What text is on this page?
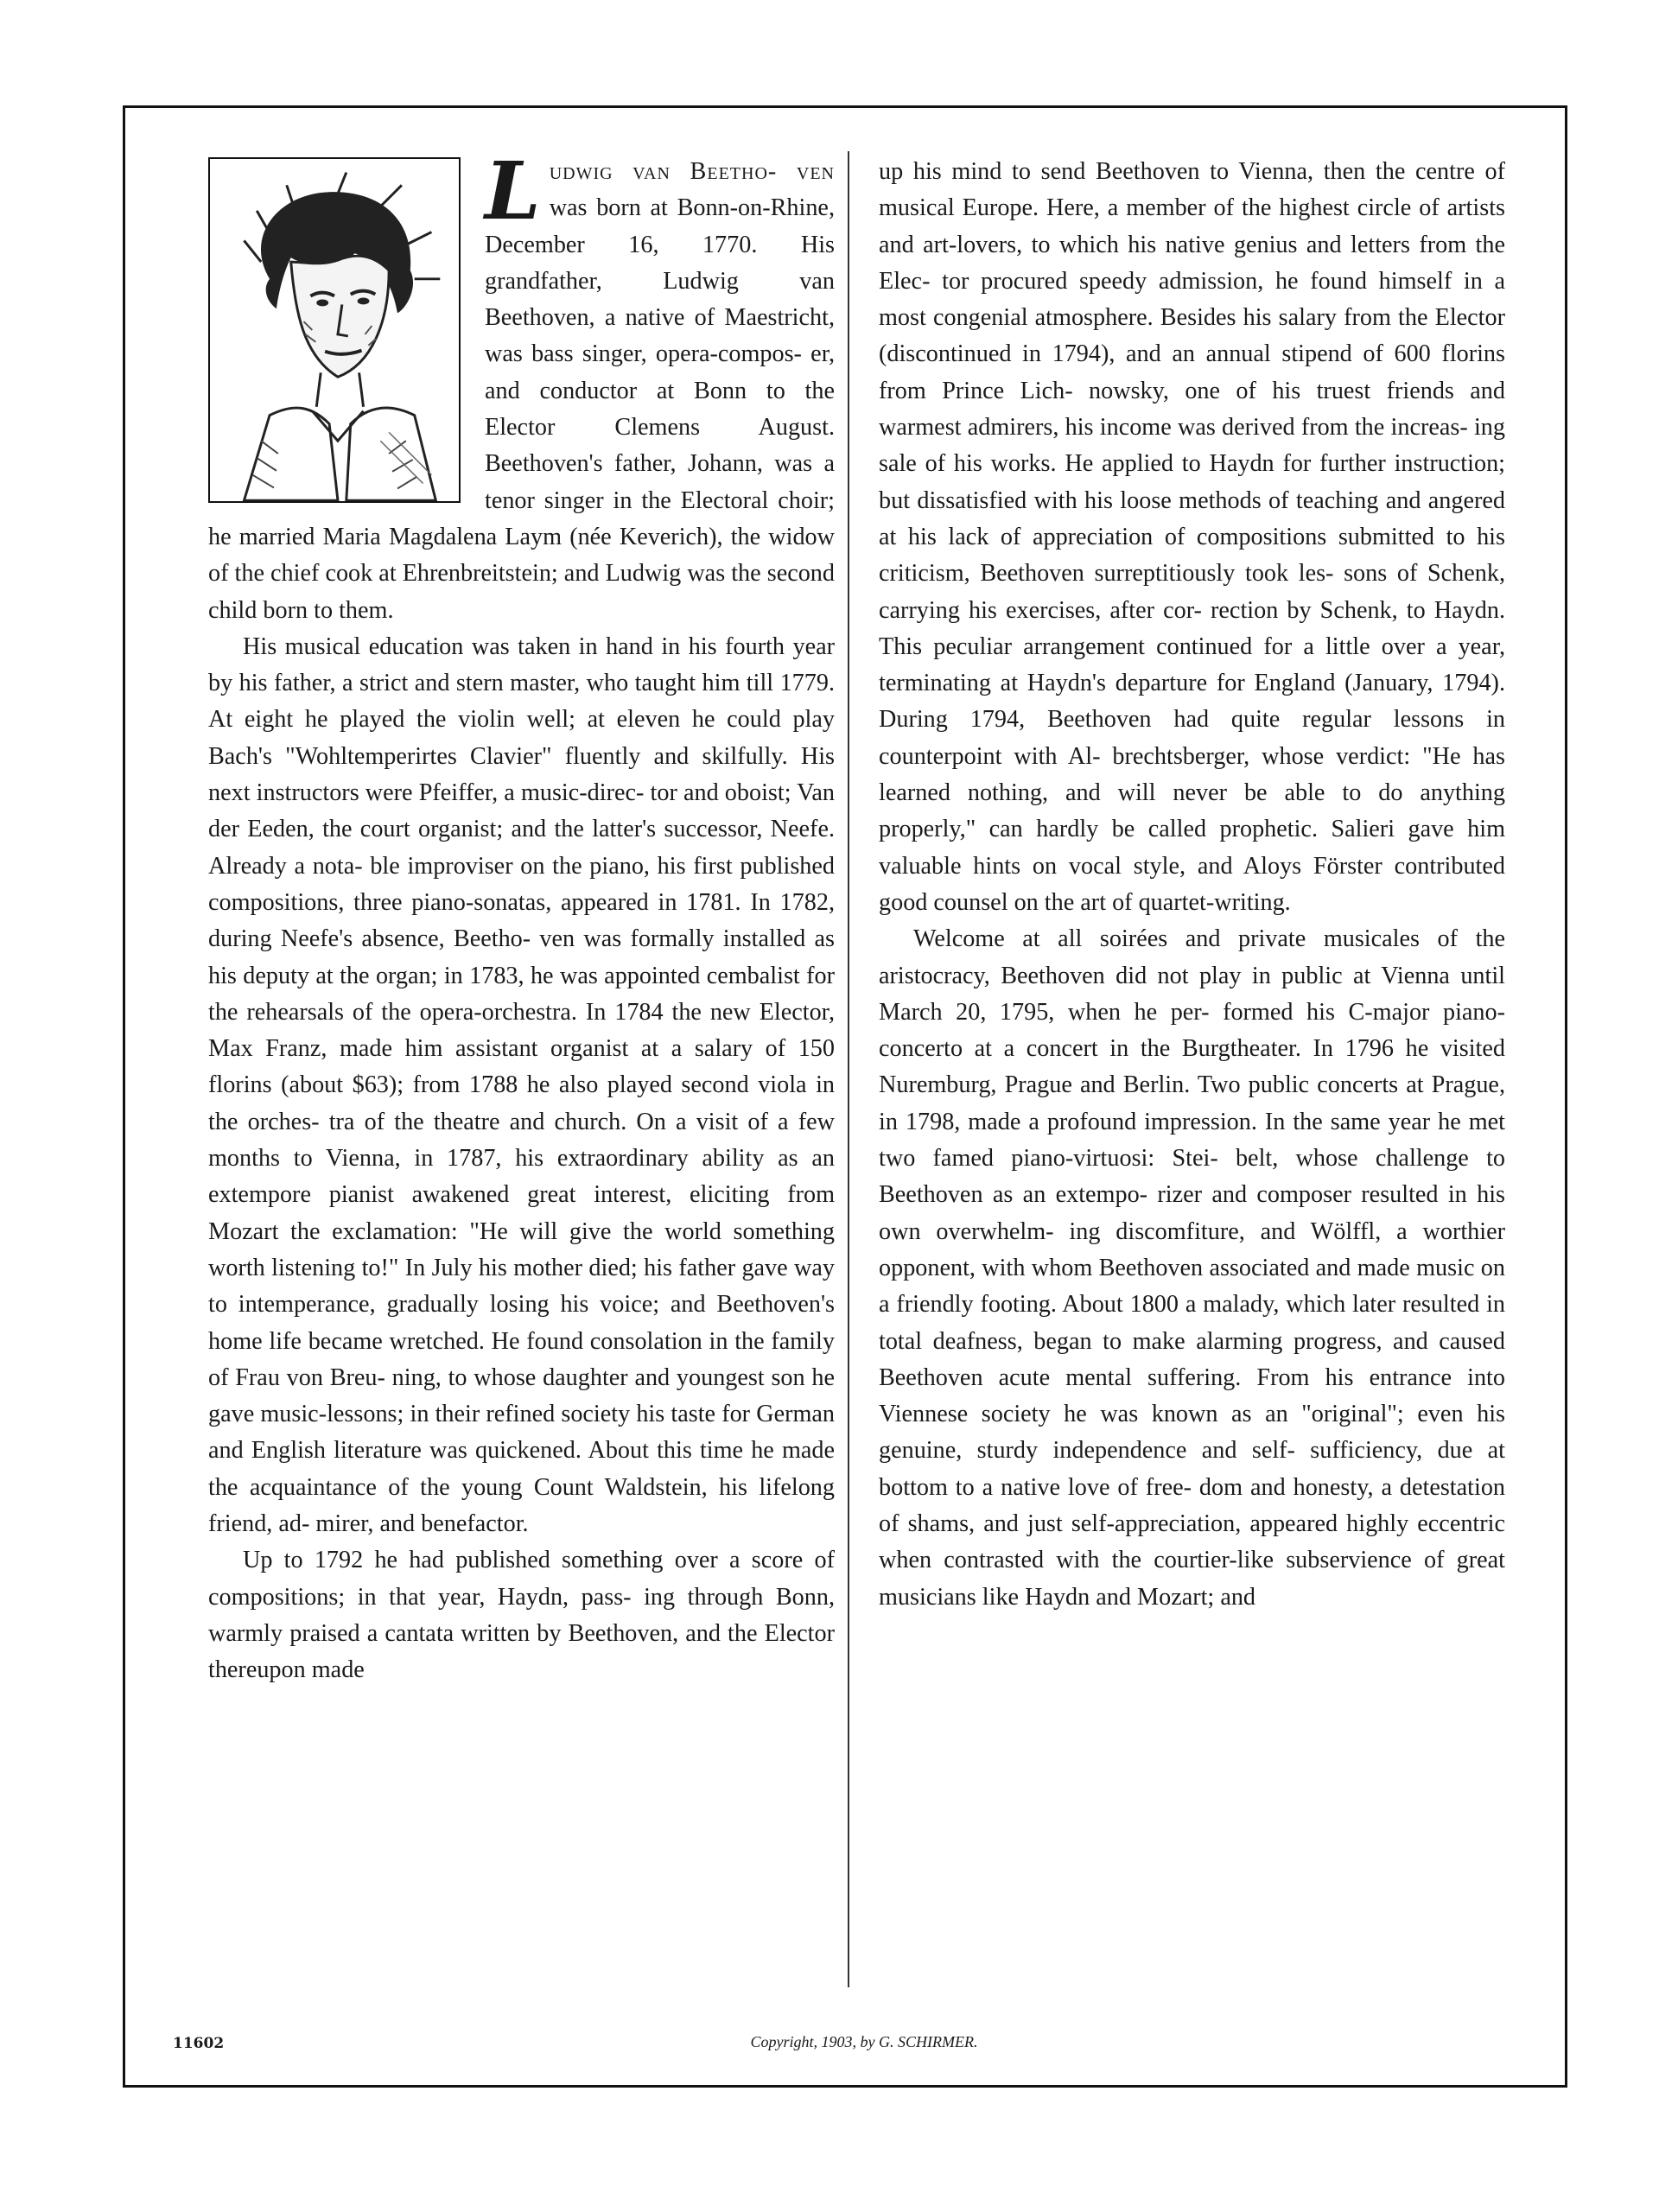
Ludwig van Beetho- ven was born at Bonn-on-Rhine, December 16, 1770. His grandfather, Ludwig van Beethoven, a native of Maestricht, was bass singer, opera-compos- er, and conductor at Bonn to the Elector Clemens August. Beethoven's father, Johann, was a tenor singer in the Electoral choir; he married Maria Magdalena Laym (née Keverich), the widow of the chief cook at Ehrenbreitstein; and Ludwig was the second child born to them.

His musical education was taken in hand in his fourth year by his father, a strict and stern master, who taught him till 1779. At eight he played the violin well; at eleven he could play Bach's "Wohltemperirtes Clavier" fluently and skilfully. His next instructors were Pfeiffer, a music-direc- tor and oboist; Van der Eeden, the court organist; and the latter's successor, Neefe. Already a nota- ble improviser on the piano, his first published compositions, three piano-sonatas, appeared in 1781. In 1782, during Neefe's absence, Beetho- ven was formally installed as his deputy at the organ; in 1783, he was appointed cembalist for the rehearsals of the opera-orchestra. In 1784 the new Elector, Max Franz, made him assistant organist at a salary of 150 florins (about $63); from 1788 he also played second viola in the orches- tra of the theatre and church. On a visit of a few months to Vienna, in 1787, his extraordinary ability as an extempore pianist awakened great interest, eliciting from Mozart the exclamation: "He will give the world something worth listening to!" In July his mother died; his father gave way to intemperance, gradually losing his voice; and Beethoven's home life became wretched. He found consolation in the family of Frau von Breu- ning, to whose daughter and youngest son he gave music-lessons; in their refined society his taste for German and English literature was quickened. About this time he made the acquaintance of the young Count Waldstein, his lifelong friend, ad- mirer, and benefactor.

Up to 1792 he had published something over a score of compositions; in that year, Haydn, pass- ing through Bonn, warmly praised a cantata written by Beethoven, and the Elector thereupon made

up his mind to send Beethoven to Vienna, then the centre of musical Europe. Here, a member of the highest circle of artists and art-lovers, to which his native genius and letters from the Elec- tor procured speedy admission, he found himself in a most congenial atmosphere. Besides his salary from the Elector (discontinued in 1794), and an annual stipend of 600 florins from Prince Lich- nowsky, one of his truest friends and warmest admirers, his income was derived from the increas- ing sale of his works. He applied to Haydn for further instruction; but dissatisfied with his loose methods of teaching and angered at his lack of appreciation of compositions submitted to his criticism, Beethoven surreptitiously took les- sons of Schenk, carrying his exercises, after cor- rection by Schenk, to Haydn. This peculiar arrangement continued for a little over a year, terminating at Haydn's departure for England (January, 1794). During 1794, Beethoven had quite regular lessons in counterpoint with Al- brechtsberger, whose verdict: "He has learned nothing, and will never be able to do anything properly," can hardly be called prophetic. Salieri gave him valuable hints on vocal style, and Aloys Förster contributed good counsel on the art of quartet-writing.

Welcome at all soirées and private musicales of the aristocracy, Beethoven did not play in public at Vienna until March 20, 1795, when he per- formed his C-major piano-concerto at a concert in the Burgtheater. In 1796 he visited Nuremburg, Prague and Berlin. Two public concerts at Prague, in 1798, made a profound impression. In the same year he met two famed piano-virtuosi: Stei- belt, whose challenge to Beethoven as an extempo- rizer and composer resulted in his own overwhelm- ing discomfiture, and Wölffl, a worthier opponent, with whom Beethoven associated and made music on a friendly footing. About 1800 a malady, which later resulted in total deafness, began to make alarming progress, and caused Beethoven acute mental suffering. From his entrance into Viennese society he was known as an "original"; even his genuine, sturdy independence and self- sufficiency, due at bottom to a native love of free- dom and honesty, a detestation of shams, and just self-appreciation, appeared highly eccentric when contrasted with the courtier-like subservience of great musicians like Haydn and Mozart; and

11602	Copyright, 1903, by G. SCHIRMER.
